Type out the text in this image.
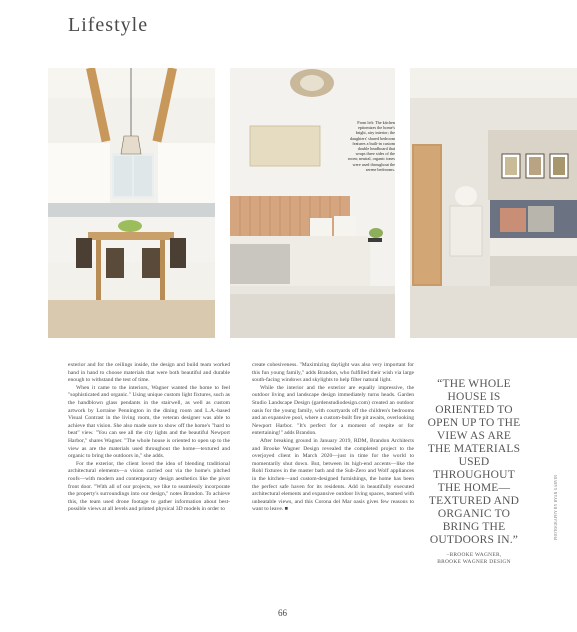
Lifestyle
From left: The kitchen epitomizes the home's bright, airy interior; the daughters' shared bedroom features a built-in custom double headboard that wraps three sides of the room; neutral, organic tones were used throughout the serene bedrooms.

exterior and for the ceilings inside, the design and build team worked hand in hand to choose materials that were both beautiful and durable enough to withstand the test of time.

When it came to the interiors, Wagner wanted the home to feel "sophisticated and organic." Using unique custom light fixtures, such as the handblown glass pendants in the stairwell, as well as custom artwork by Lorraine Pennington in the dining room and L.A.-based Visual Contrast in the living room, the veteran designer was able to achieve that vision. She also made sure to show off the home's "hard to beat" view. "You can see all the city lights and the beautiful Newport Harbor," shares Wagner. "The whole house is oriented to open up to the view as are the materials used throughout the home—textured and organic to bring the outdoors in," she adds.

For the exterior, the client loved the idea of blending traditional architectural elements—a vision carried out via the home's pitched roofs—with modern and contemporary design aesthetics like the pivot front door. "With all of our projects, we like to seamlessly incorporate the property's surroundings into our design," notes Brandon. To achieve this, the team used drone footage to gather information about best-possible views at all levels and printed physical 3D models in order to

create cohesiveness. "Maximizing daylight was also very important for this fun young family," adds Brandon, who fulfilled their wish via large south-facing windows and skylights to help filter natural light.

While the interior and the exterior are equally impressive, the outdoor living and landscape design immediately turns heads. Garden Studio Landscape Design (gardenstudiodesign.com) created an outdoor oasis for the young family, with courtyards off the children's bedrooms and an expansive pool, where a custom-built fire pit awaits, overlooking Newport Harbor. "It's perfect for a moment of respite or for entertaining!" adds Brandon.

After breaking ground in January 2019, RDM, Brandon Architects and Brooke Wagner Design revealed the completed project to the overjoyed client in March 2020—just in time for the world to momentarily shut down. But, between its high-end accents—like the Rohl fixtures in the master bath and the Sub-Zero and Wolf appliances in the kitchen—and custom-designed furnishings, the home has been the perfect safe haven for its residents. Add in beautifully executed architectural elements and expansive outdoor living spaces, teamed with unbeatable views, and this Corona del Mar oasis gives few reasons to want to leave. ■

“THE WHOLE HOUSE IS ORIENTED TO OPEN UP TO THE VIEW AS ARE THE MATERIALS USED THROUGHOUT THE HOME—TEXTURED AND ORGANIC TO BRING THE OUTDOORS IN.”
–BROOKE WAGNER,
BROOKE WAGNER DESIGN
PHOTOGRAPHY BY RYAN GARVIN
66
